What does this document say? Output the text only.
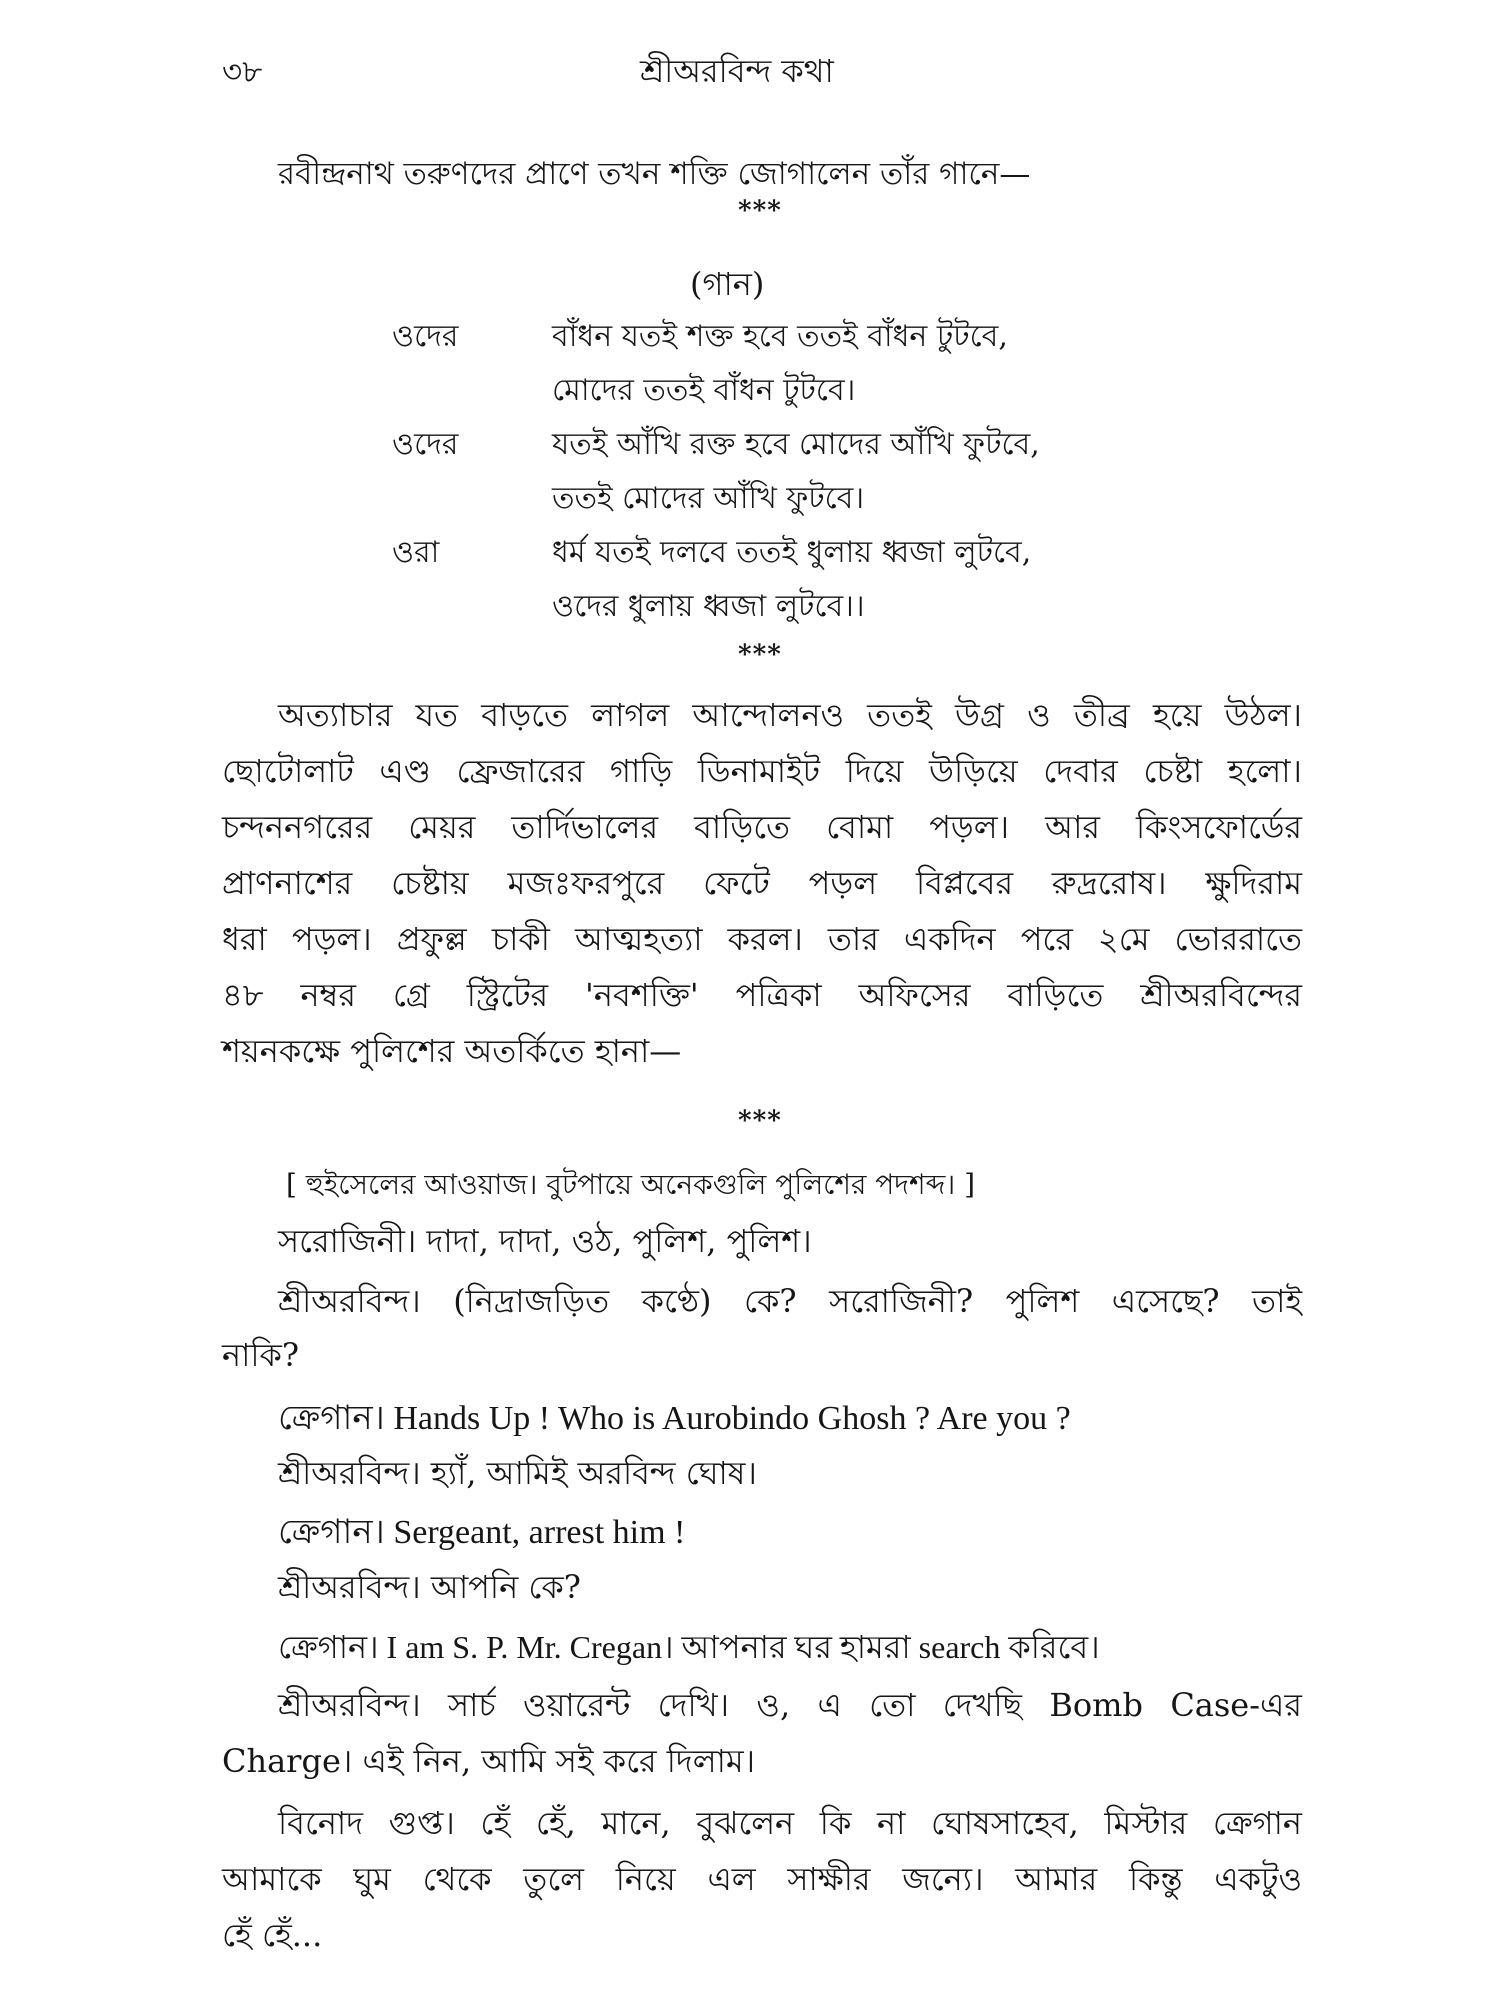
৩৮	শ্রীঅরবিন্দ কথা
রবীন্দ্রনাথ তরুণদের প্রাণে তখন শক্তি জোগালেন তাঁর গানে—
***
(গান)
ওদের	বাঁধন যতই শক্ত হবে ততই বাঁধন টুটবে,
মোদের ততই বাঁধন টুটবে।
ওদের	যতই আঁখি রক্ত হবে মোদের আঁখি ফুটবে,
ততই মোদের আঁখি ফুটবে।
ওরা	ধর্ম যতই দলবে ততই ধুলায় ধ্বজা লুটবে,
ওদের ধুলায় ধ্বজা লুটবে।।
***
অত্যাচার যত বাড়তে লাগল আন্দোলনও ততই উগ্র ও তীব্র হয়ে উঠল।
ছোটোলাট এণ্ড ফ্রেজারের গাড়ি ডিনামাইট দিয়ে উড়িয়ে দেবার চেষ্টা হলো।
চন্দননগরের মেয়র তার্দিভালের বাড়িতে বোমা পড়ল। আর কিংসফোর্ডের
প্রাণনাশের চেষ্টায় মজঃফরপুরে ফেটে পড়ল বিপ্লবের রুদ্ররোষ। ক্ষুদিরাম
ধরা পড়ল। প্রফুল্ল চাকী আত্মহত্যা করল। তার একদিন পরে ২মে ভোররাতে
৪৮ নম্বর গ্রে স্ট্রিটের 'নবশক্তি' পত্রিকা অফিসের বাড়িতে শ্রীঅরবিন্দের
শয়নকক্ষে পুলিশের অতর্কিতে হানা—
***
[ হুইসেলের আওয়াজ। বুটপায়ে অনেকগুলি পুলিশের পদশব্দ। ]
সরোজিনী। দাদা, দাদা, ওঠ, পুলিশ, পুলিশ।
শ্রীঅরবিন্দ। (নিদ্রাজড়িত কণ্ঠে) কে? সরোজিনী? পুলিশ এসেছে? তাই
নাকি?
ক্রেগান। Hands Up ! Who is Aurobindo Ghosh ? Are you ?
শ্রীঅরবিন্দ। হ্যাঁ, আমিই অরবিন্দ ঘোষ।
ক্রেগান। Sergeant, arrest him !
শ্রীঅরবিন্দ। আপনি কে?
ক্রেগান। I am S. P. Mr. Cregan। আপনার ঘর হামরা search করিবে।
শ্রীঅরবিন্দ। সার্চ ওয়ারেন্ট দেখি। ও, এ তো দেখছি Bomb Case-এর
Charge। এই নিন, আমি সই করে দিলাম।
বিনোদ গুপ্ত। হেঁ হেঁ, মানে, বুঝলেন কি না ঘোষসাহেব, মিস্টার ক্রেগান
আমাকে ঘুম থেকে তুলে নিয়ে এল সাক্ষীর জন্যে। আমার কিন্তু একটুও
হেঁ হেঁ...
